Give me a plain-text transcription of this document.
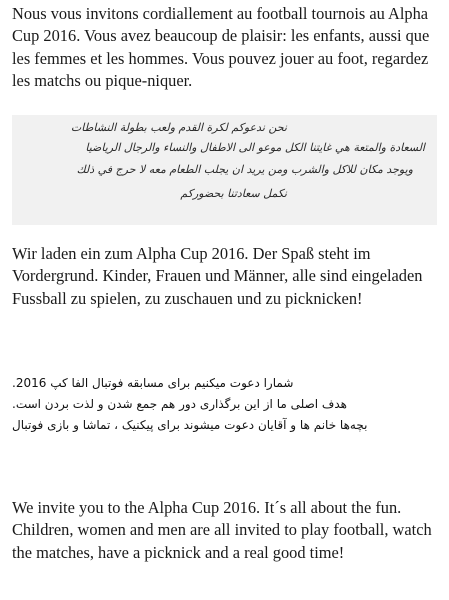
Nous vous invitons cordiallement au football tournois au Alpha Cup 2016. Vous avez beaucoup de plaisir: les enfants, aussi que les femmes et les hommes. Vous pouvez jouer au foot, regardez les matchs ou pique-niquer.

نحن ندعوكم لكرة القدم ولعب بطولة النشاطات

السعادة والمتعة هي غايتنا الكل موعو الى الاطفال والنساء والرجال الرياضيا

ويوجد مكان للاكل والشرب ومن يريد ان يجلب الطعام معه لا حرج في ذلك

نكمل سعادتنا بحضوركم

Wir laden ein zum Alpha Cup 2016. Der Spaß steht im Vordergrund. Kinder, Frauen und Männer, alle sind eingeladen Fussball zu spielen, zu zuschauen und zu picknicken!

شمارا دعوت میکنیم برای مسابقه فوتبال الفا کپ 2016.

هدف اصلی ما از این برگذاری دور هم جمع شدن و لذت بردن است.

بچه‌ها خانم ها و آقایان دعوت میشوند برای پیکنیک ، تماشا و بازی فوتبال

We invite you to the Alpha Cup 2016. It´s all about the fun. Children, women and men are all invited to play football, watch the matches, have a picknick and a real good time!
